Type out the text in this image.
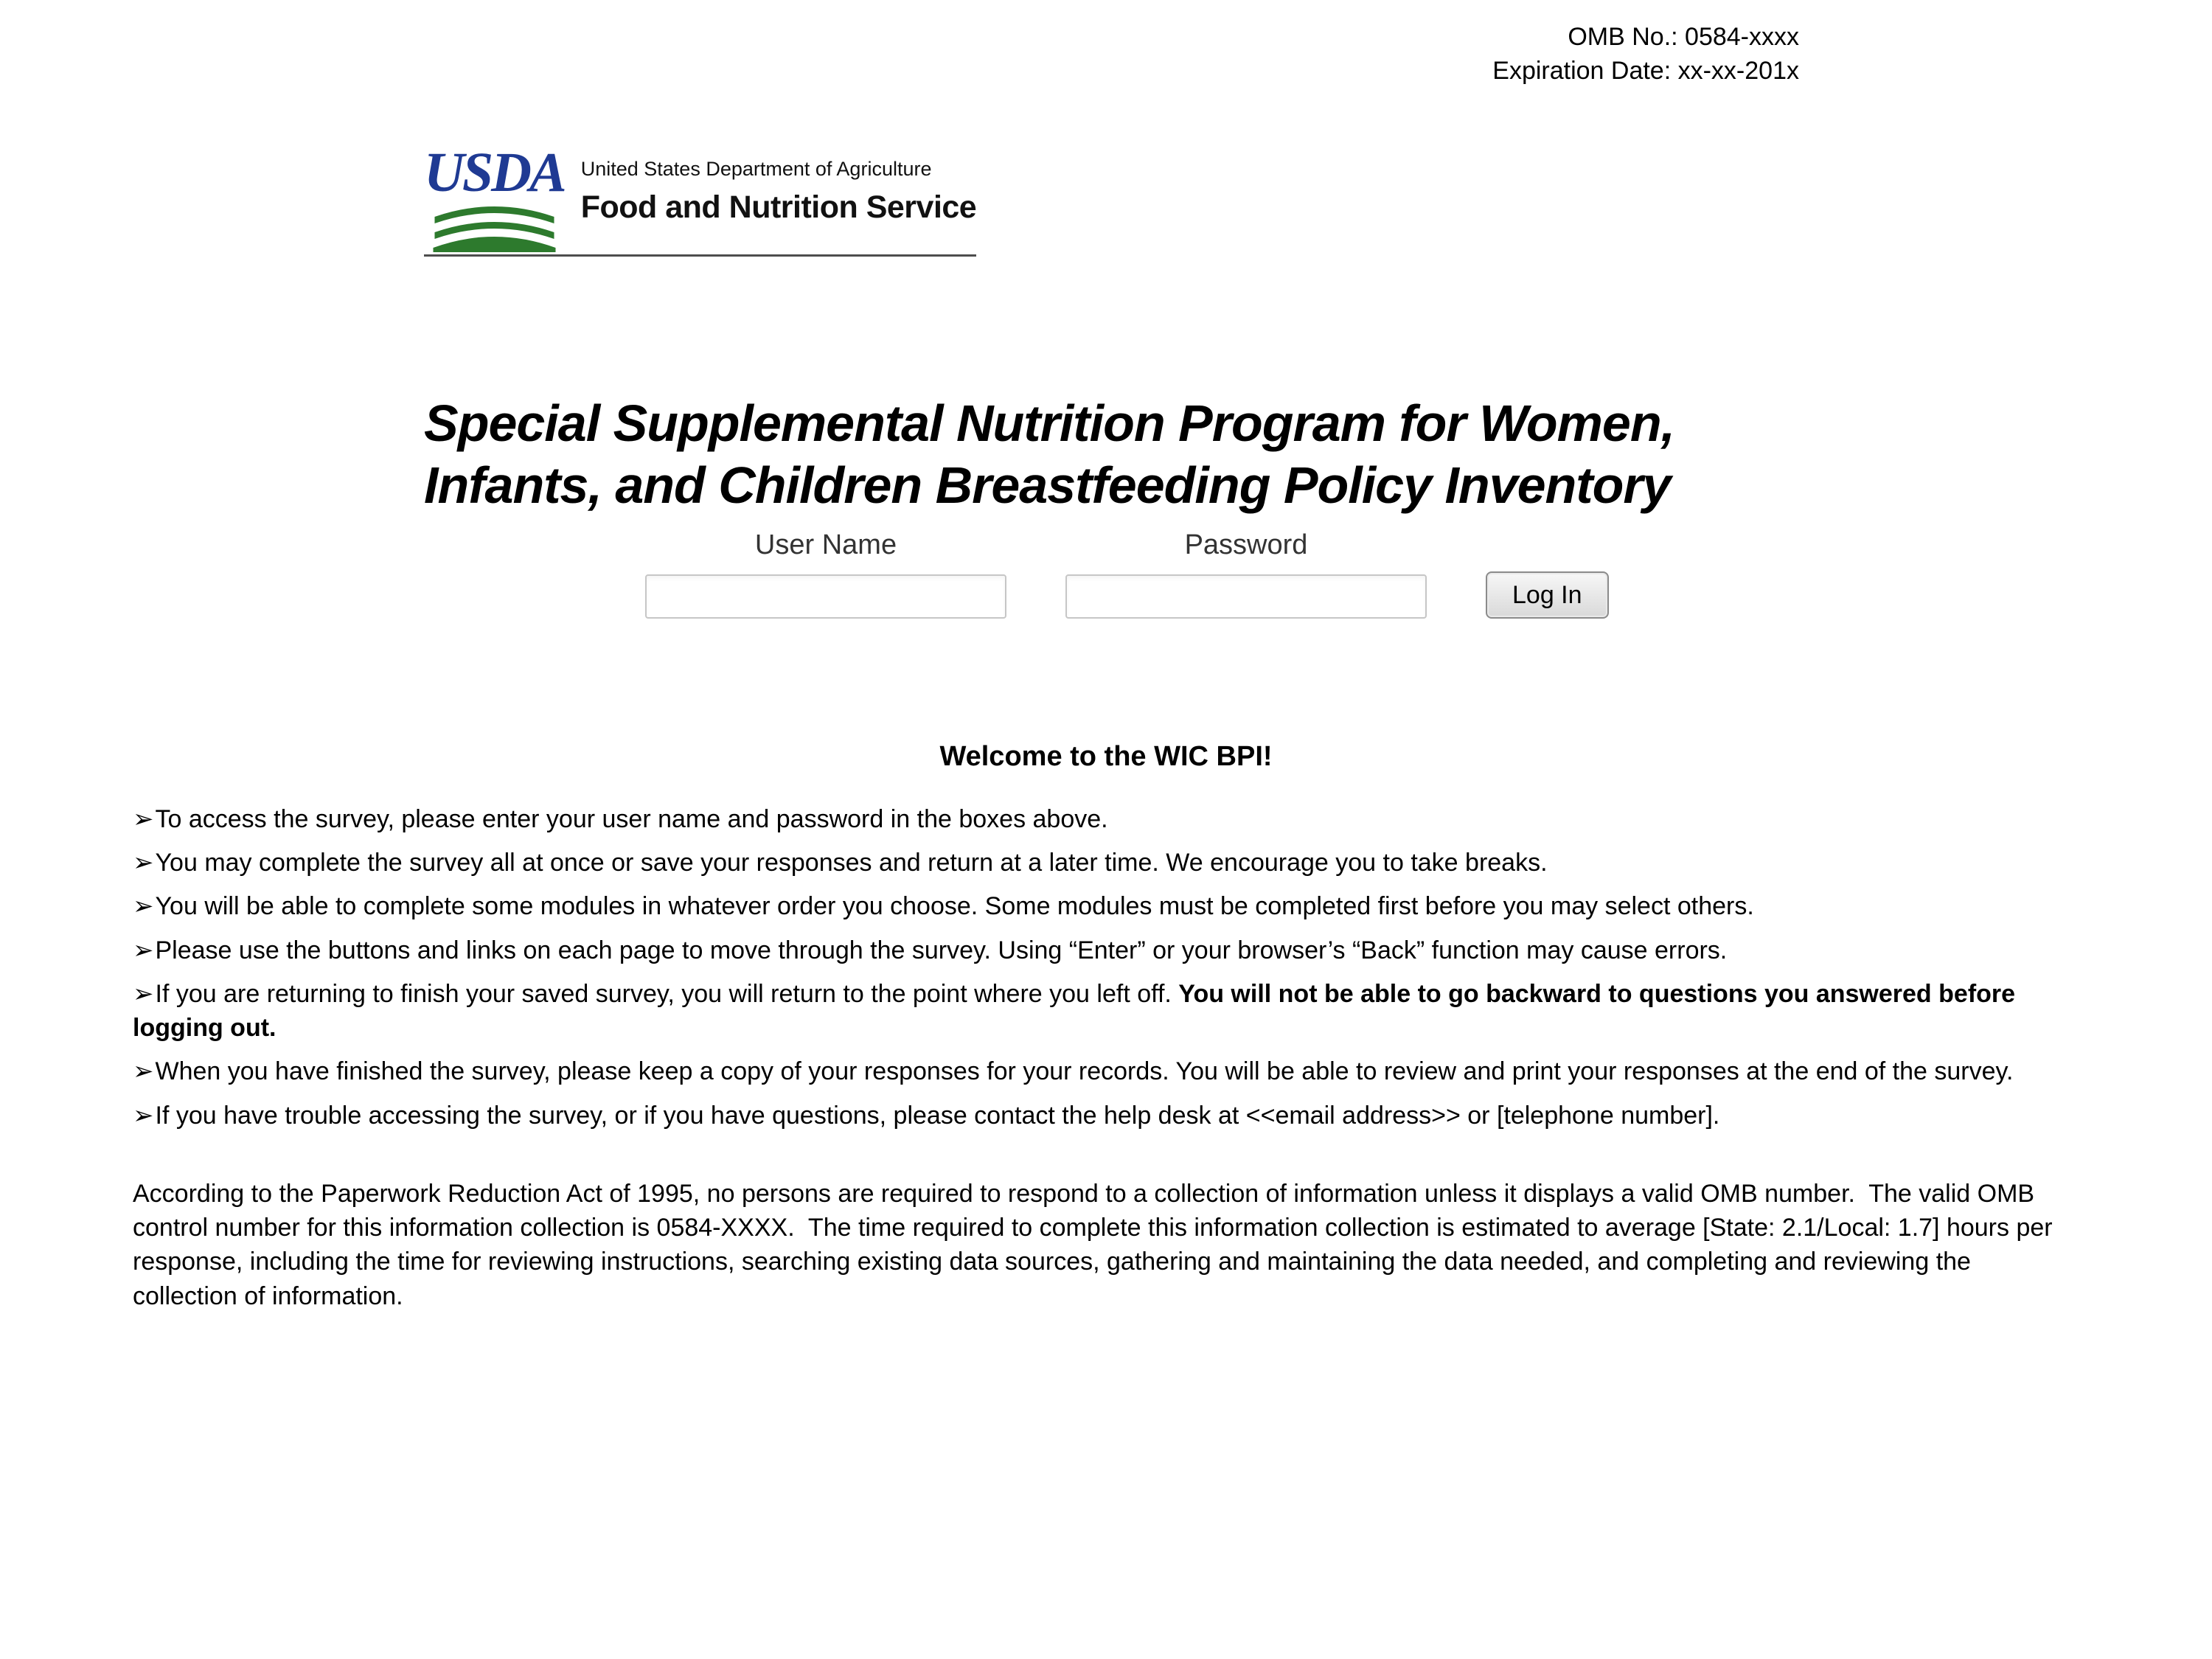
OMB No.: 0584-xxxx
Expiration Date: xx-xx-201x
USDA United States Department of Agriculture
Food and Nutrition Service
Special Supplemental Nutrition Program for Women,
Infants, and Children Breastfeeding Policy Inventory
User Name	Password
Log In
Welcome to the WIC BPI!

➢To access the survey, please enter your user name and password in the boxes above.

➢You may complete the survey all at once or save your responses and return at a later time. We encourage you to take breaks.

➢You will be able to complete some modules in whatever order you choose. Some modules must be completed first before you may select others.

➢Please use the buttons and links on each page to move through the survey. Using “Enter” or your browser’s “Back” function may cause errors.

➢If you are returning to finish your saved survey, you will return to the point where you left off. You will not be able to go backward to questions you answered before logging out.

➢When you have finished the survey, please keep a copy of your responses for your records. You will be able to review and print your responses at the end of the survey.

➢If you have trouble accessing the survey, or if you have questions, please contact the help desk at <<email address>> or [telephone number].

According to the Paperwork Reduction Act of 1995, no persons are required to respond to a collection of information unless it displays a valid OMB number.  The valid OMB control number for this information collection is 0584-XXXX.  The time required to complete this information collection is estimated to average [State: 2.1/Local: 1.7] hours per response, including the time for reviewing instructions, searching existing data sources, gathering and maintaining the data needed, and completing and reviewing the collection of information.
